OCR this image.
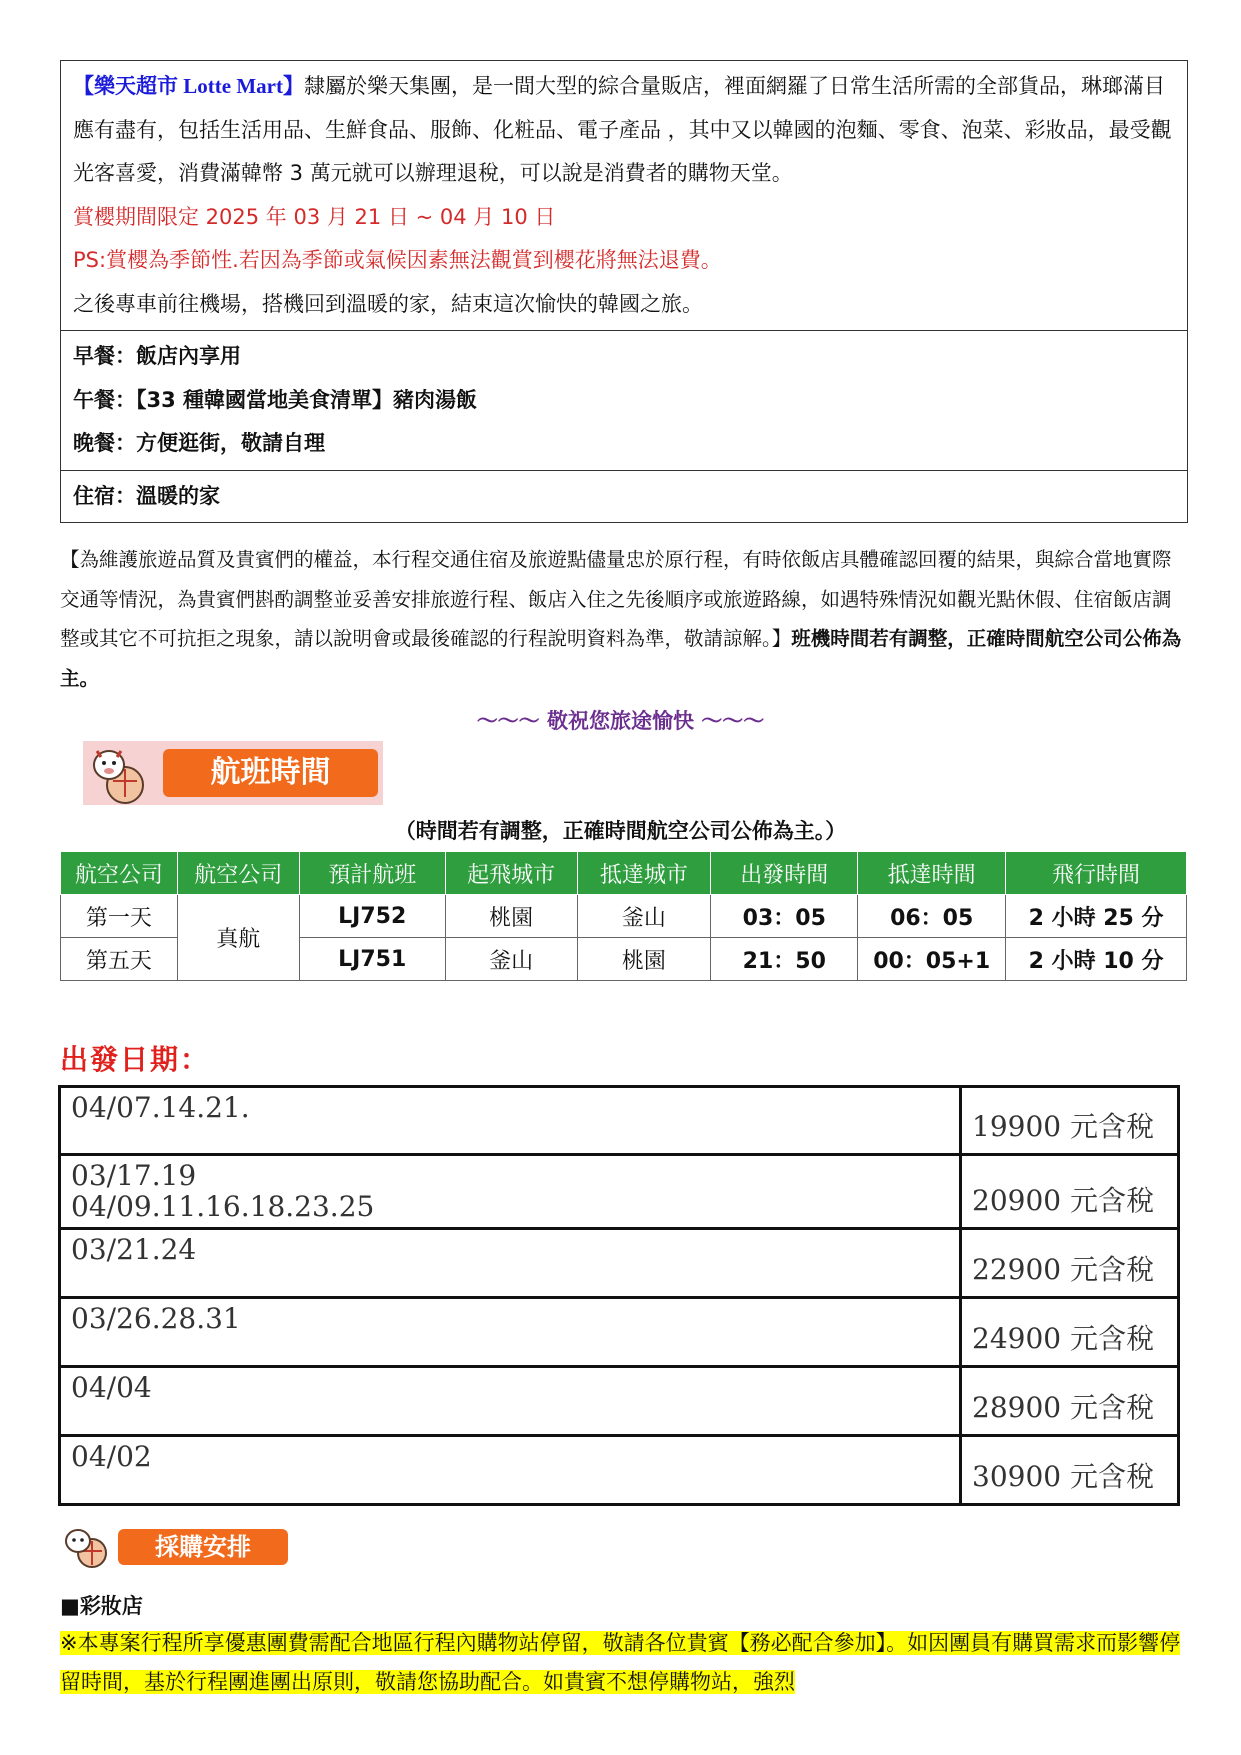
【樂天超市 Lotte Mart】隸屬於樂天集團，是一間大型的綜合量販店，裡面網羅了日常生活所需的全部貨品，琳瑯滿目應有盡有，包括生活用品、生鮮食品、服飾、化粧品、電子產品 ，其中又以韓國的泡麵、零食、泡菜、彩妝品，最受觀光客喜愛，消費滿韓幣 3 萬元就可以辦理退稅，可以說是消費者的購物天堂。

賞櫻期間限定 2025 年 03 月 21 日 ~ 04 月 10 日

PS:賞櫻為季節性.若因為季節或氣候因素無法觀賞到櫻花將無法退費。

之後專車前往機場，搭機回到溫暖的家，結束這次愉快的韓國之旅。

早餐：飯店內享用

午餐：【33 種韓國當地美食清單】豬肉湯飯

晚餐：方便逛街，敬請自理

住宿：溫暖的家

【為維護旅遊品質及貴賓們的權益，本行程交通住宿及旅遊點儘量忠於原行程，有時依飯店具體確認回覆的結果，與綜合當地實際交通等情況，為貴賓們斟酌調整並妥善安排旅遊行程、飯店入住之先後順序或旅遊路線，如遇特殊情況如觀光點休假、住宿飯店調整或其它不可抗拒之現象，請以說明會或最後確認的行程說明資料為準，敬請諒解。】班機時間若有調整，正確時間航空公司公佈為主。

～～～ 敬祝您旅途愉快 ～～～

航班時間

（時間若有調整，正確時間航空公司公佈為主。）

航空公司	航空公司	預計航班	起飛城市	抵達城市	出發時間	抵達時間	飛行時間
第一天	真航	LJ752	桃園	釜山	03：05	06：05	2 小時 25 分
第五天		LJ751	釜山	桃園	21：50	00：05+1	2 小時 10 分

出發日期：

04/07.14.21.	19900 元含稅
03/17.19
04/09.11.16.18.23.25	20900 元含稅
03/21.24	22900 元含稅
03/26.28.31	24900 元含稅
04/04	28900 元含稅
04/02	30900 元含稅
採購安排

■彩妝店

※本專案行程所享優惠團費需配合地區行程內購物站停留，敬請各位貴賓【務必配合參加】。如因團員有購買需求而影響停留時間，基於行程團進團出原則，敬請您協助配合。如貴賓不想停購物站，強烈
